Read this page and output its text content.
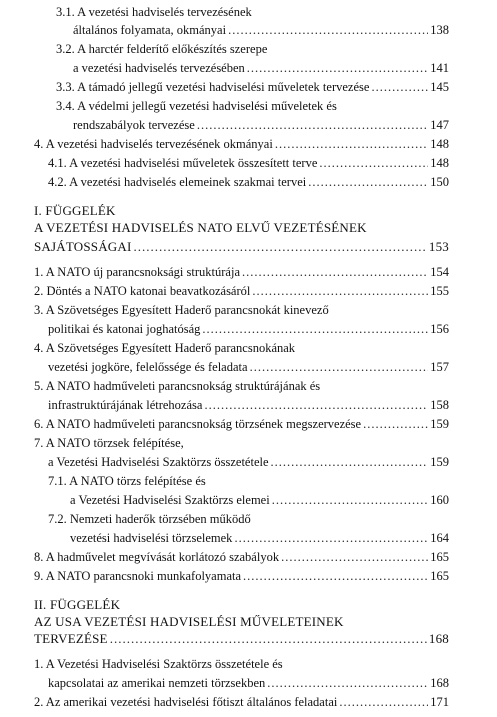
3.1. A vezetési hadviselés tervezésének
általános folyamata, okmányai .....	138
3.2. A harctér felderítő előkészítés szerepe
a vezetési hadviselés tervezésében .....	141
3.3. A támadó jellegű vezetési hadviselési műveletek tervezése .....	145
3.4. A védelmi jellegű vezetési hadviselési műveletek és
rendszabályok tervezése .....	147
4. A vezetési hadviselés tervezésének okmányai .....	148
4.1. A vezetési hadviselési műveletek összesített terve .....	148
4.2. A vezetési hadviselés elemeinek szakmai tervei .....	150
I. FÜGGELÉK
A VEZETÉSI HADVISELÉS NATO ELVŰ VEZETÉSÉNEK
SAJÁTOSSÁGAI .....	153
1. A NATO új parancsnoksági struktúrája .....	154
2. Döntés a NATO katonai beavatkozásáról .....	155
3. A Szövetséges Egyesített Haderő parancsnokát kinevező
politikai és katonai joghatóság .....	156
4. A Szövetséges Egyesített Haderő parancsnokának
vezetési jogköre, felelőssége és feladata .....	157
5. A NATO hadműveleti parancsnokság struktúrájának és
infrastruktúrájának létrehozása .....	158
6. A NATO hadműveleti parancsnokság törzsének megszervezése .....	159
7. A NATO törzsek felépítése,
a Vezetési Hadviselési Szaktörzs összetétele .....	159
7.1. A NATO törzs felépítése és
a Vezetési Hadviselési Szaktörzs elemei .....	160
7.2. Nemzeti haderők törzsében működő
vezetési hadviselési törzselemek .....	164
8. A hadművelet megvívását korlátozó szabályok .....	165
9. A NATO parancsnoki munkafolyamata .....	165
II. FÜGGELÉK
AZ USA VEZETÉSI HADVISELÉSI MŰVELETEINEK
TERVEZÉSE .....	168
1. A Vezetési Hadviselési Szaktörzs összetétele és
kapcsolatai az amerikai nemzeti törzsekben .....	168
2. Az amerikai vezetési hadviselési főtiszt általános feladatai .....	171
